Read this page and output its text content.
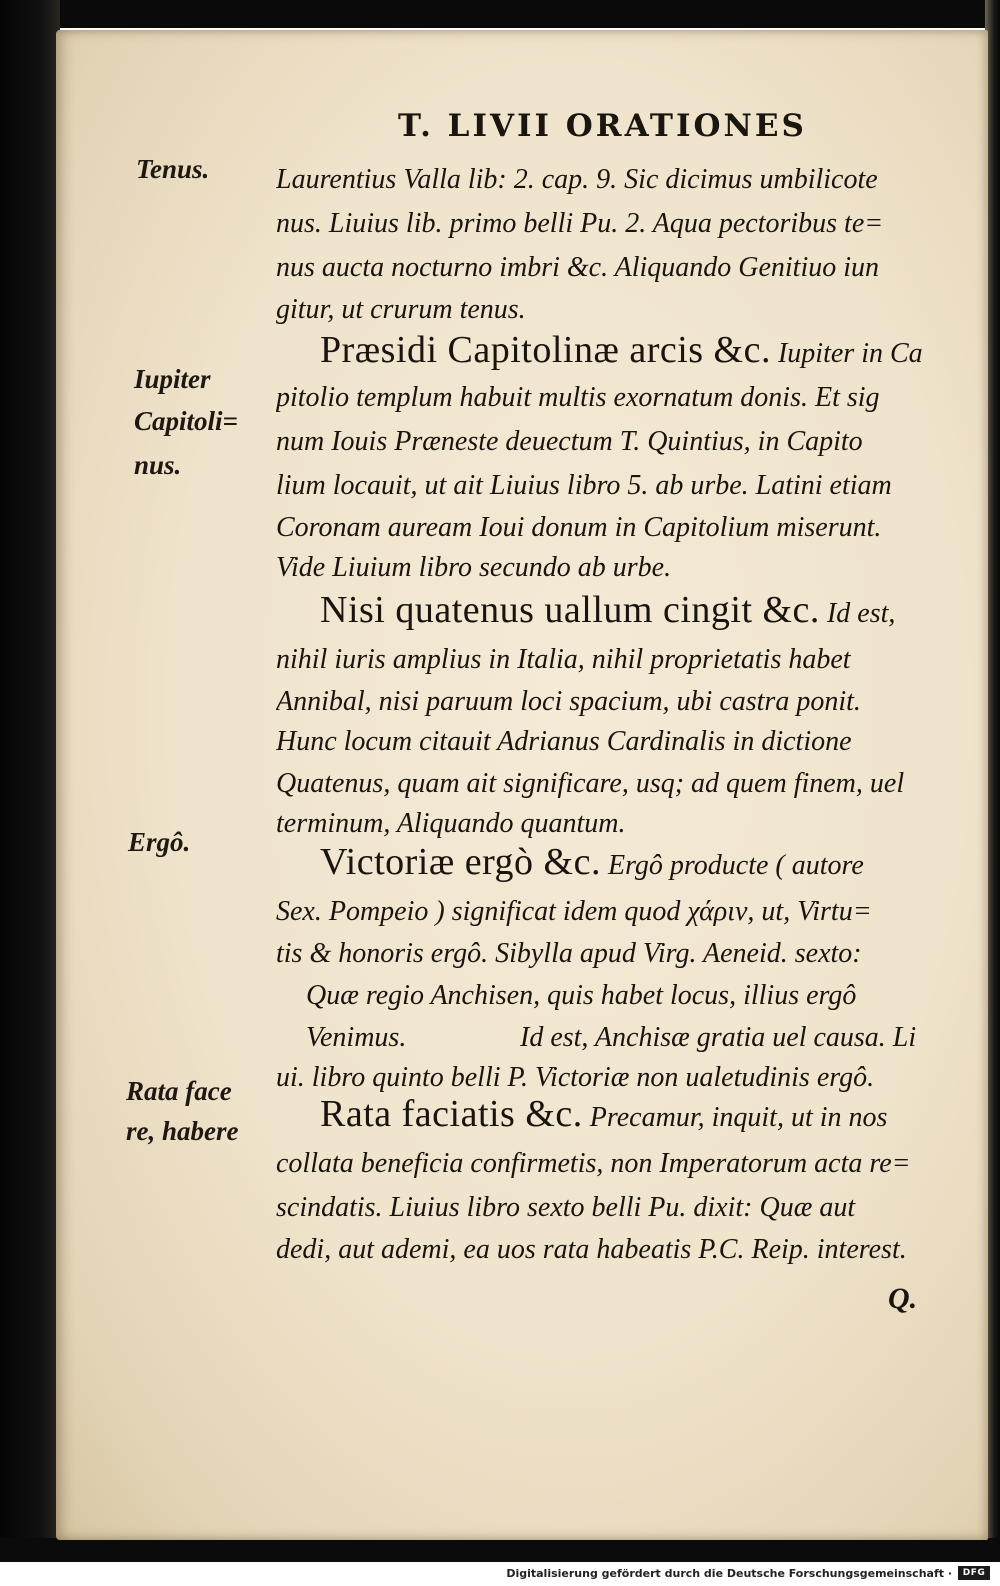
T. LIVII ORATIONES
Tenus.
Iupiter
Capitoli=
nus.
Ergô.
Rata face
re, habere
Laurentius Valla lib: 2. cap. 9. Sic dicimus umbilicote
nus. Liuius lib. primo belli Pu. 2. Aqua pectoribus te=
nus aucta nocturno imbri &c. Aliquando Genitiuo iun
gitur, ut crurum tenus.
Præsidi Capitolinæ arcis &c. Iupiter in Ca
pitolio templum habuit multis exornatum donis. Et sig
num Iouis Præneste deuectum T. Quintius, in Capito
lium locauit, ut ait Liuius libro 5. ab urbe. Latini etiam
Coronam auream Ioui donum in Capitolium miserunt.
Vide Liuium libro secundo ab urbe.
Nisi quatenus uallum cingit &c. Id est,
nihil iuris amplius in Italia, nihil proprietatis habet
Annibal, nisi paruum loci spacium, ubi castra ponit.
Hunc locum citauit Adrianus Cardinalis in dictione
Quatenus, quam ait significare, usq; ad quem finem, uel
terminum, Aliquando quantum.
Victoriæ ergò &c. Ergô producte ( autore
Sex. Pompeio ) significat idem quod χάριν, ut, Virtu=
tis & honoris ergô. Sibylla apud Virg. Aeneid. sexto:
Quæ regio Anchisen, quis habet locus, illius ergô
Venimus.	Id est, Anchisæ gratia uel causa. Li
ui. libro quinto belli P. Victoriæ non ualetudinis ergô.
Rata faciatis &c. Precamur, inquit, ut in nos
collata beneficia confirmetis, non Imperatorum acta re=
scindatis. Liuius libro sexto belli Pu. dixit: Quæ aut
dedi, aut ademi, ea uos rata habeatis P.C. Reip. interest.
Q.
Digitalisierung gefördert durch die Deutsche Forschungsgemeinschaft ·	DFG
